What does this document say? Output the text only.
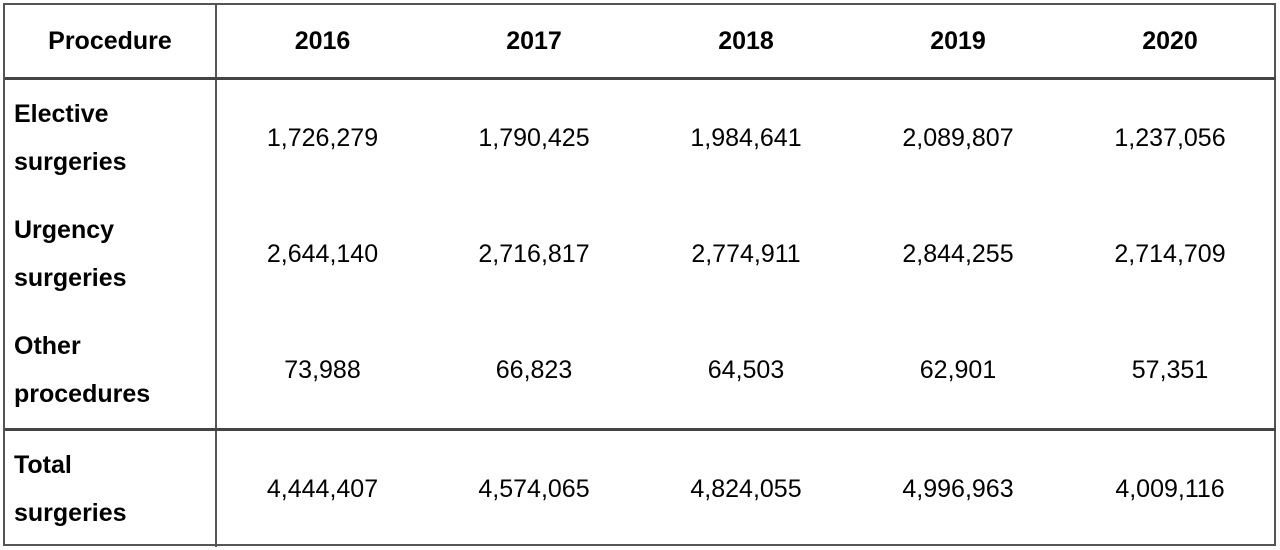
Procedure	2016	2017	2018	2019	2020
Elective
surgeries	1,726,279	1,790,425	1,984,641	2,089,807	1,237,056
Urgency
surgeries	2,644,140	2,716,817	2,774,911	2,844,255	2,714,709
Other
procedures	73,988	66,823	64,503	62,901	57,351
Total
surgeries	4,444,407	4,574,065	4,824,055	4,996,963	4,009,116
